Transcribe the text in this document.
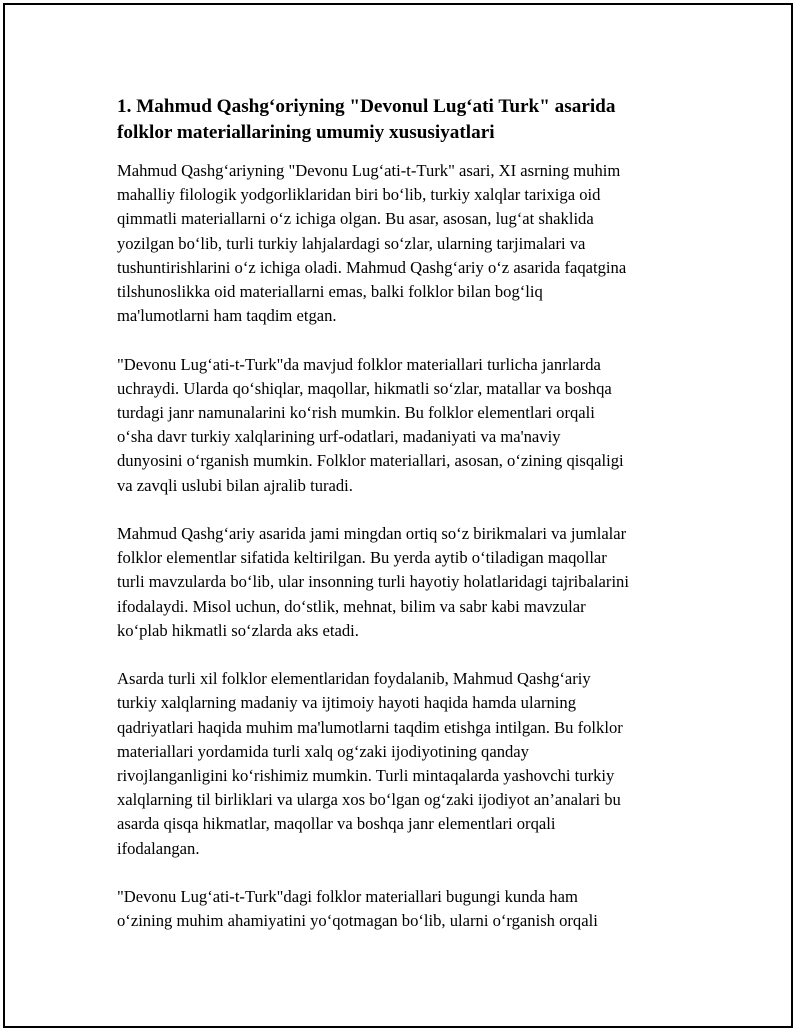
1. Mahmud Qashg‘oriyning "Devonul Lug‘ati Turk" asarida
folklor materiallarining umumiy xususiyatlari

Mahmud Qashg‘ariyning "Devonu Lug‘ati-t-Turk" asari, XI asrning muhim
mahalliy filologik yodgorliklaridan biri bo‘lib, turkiy xalqlar tarixiga oid
qimmatli materiallarni o‘z ichiga olgan. Bu asar, asosan, lug‘at shaklida
yozilgan bo‘lib, turli turkiy lahjalardagi so‘zlar, ularning tarjimalari va
tushuntirishlarini o‘z ichiga oladi. Mahmud Qashg‘ariy o‘z asarida faqatgina
tilshunoslikka oid materiallarni emas, balki folklor bilan bog‘liq
ma'lumotlarni ham taqdim etgan.

"Devonu Lug‘ati-t-Turk"da mavjud folklor materiallari turlicha janrlarda
uchraydi. Ularda qo‘shiqlar, maqollar, hikmatli so‘zlar, matallar va boshqa
turdagi janr namunalarini ko‘rish mumkin. Bu folklor elementlari orqali
o‘sha davr turkiy xalqlarining urf-odatlari, madaniyati va ma'naviy
dunyosini o‘rganish mumkin. Folklor materiallari, asosan, o‘zining qisqaligi
va zavqli uslubi bilan ajralib turadi.

Mahmud Qashg‘ariy asarida jami mingdan ortiq so‘z birikmalari va jumlalar
folklor elementlar sifatida keltirilgan. Bu yerda aytib o‘tiladigan maqollar
turli mavzularda bo‘lib, ular insonning turli hayotiy holatlaridagi tajribalarini
ifodalaydi. Misol uchun, do‘stlik, mehnat, bilim va sabr kabi mavzular
ko‘plab hikmatli so‘zlarda aks etadi.

Asarda turli xil folklor elementlaridan foydalanib, Mahmud Qashg‘ariy
turkiy xalqlarning madaniy va ijtimoiy hayoti haqida hamda ularning
qadriyatlari haqida muhim ma'lumotlarni taqdim etishga intilgan. Bu folklor
materiallari yordamida turli xalq og‘zaki ijodiyotining qanday
rivojlanganligini ko‘rishimiz mumkin. Turli mintaqalarda yashovchi turkiy
xalqlarning til birliklari va ularga xos bo‘lgan og‘zaki ijodiyot an’analari bu
asarda qisqa hikmatlar, maqollar va boshqa janr elementlari orqali
ifodalangan.

"Devonu Lug‘ati-t-Turk"dagi folklor materiallari bugungi kunda ham
o‘zining muhim ahamiyatini yo‘qotmagan bo‘lib, ularni o‘rganish orqali
